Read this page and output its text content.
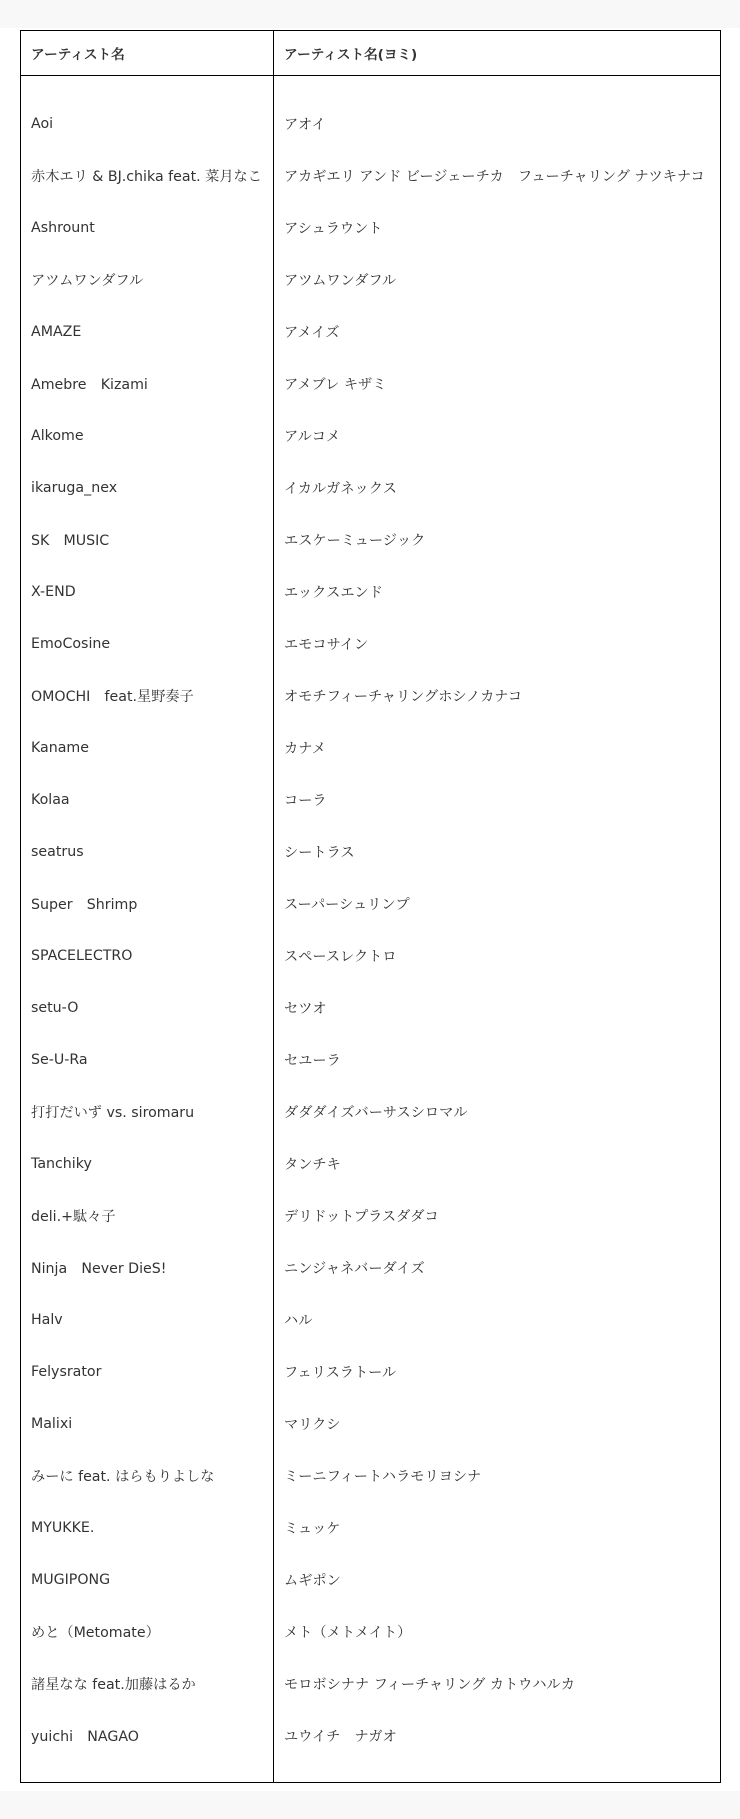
アーティスト名	アーティスト名(ヨミ)

Aoi	アオイ
赤木エリ & BJ.chika feat. 菜月なこ	アカギエリ アンド ビージェーチカ　フューチャリング ナツキナコ
Ashrount	アシュラウント
アツムワンダフル	アツムワンダフル
AMAZE	アメイズ
Amebre　Kizami	アメブレ キザミ
Alkome	アルコメ
ikaruga_nex	イカルガネックス
SK　MUSIC	エスケーミュージック
X-END	エックスエンド
EmoCosine	エモコサイン
OMOCHI　feat.星野奏子	オモチフィーチャリングホシノカナコ
Kaname	カナメ
Kolaa	コーラ
seatrus	シートラス
Super　Shrimp	スーパーシュリンプ
SPACELECTRO	スペースレクトロ
setu-O	セツオ
Se-U-Ra	セユーラ
打打だいず vs. siromaru	ダダダイズバーサスシロマル
Tanchiky	タンチキ
deli.+駄々子	デリドットプラスダダコ
Ninja　Never DieS!	ニンジャネバーダイズ
Halv	ハル
Felysrator	フェリスラトール
Malixi	マリクシ
みーに feat. はらもりよしな	ミーニフィートハラモリヨシナ
MYUKKE.	ミュッケ
MUGIPONG	ムギポン
めと（Metomate）	メト（メトメイト）
諸星なな feat.加藤はるか	モロボシナナ フィーチャリング カトウハルカ
yuichi　NAGAO	ユウイチ　ナガオ
